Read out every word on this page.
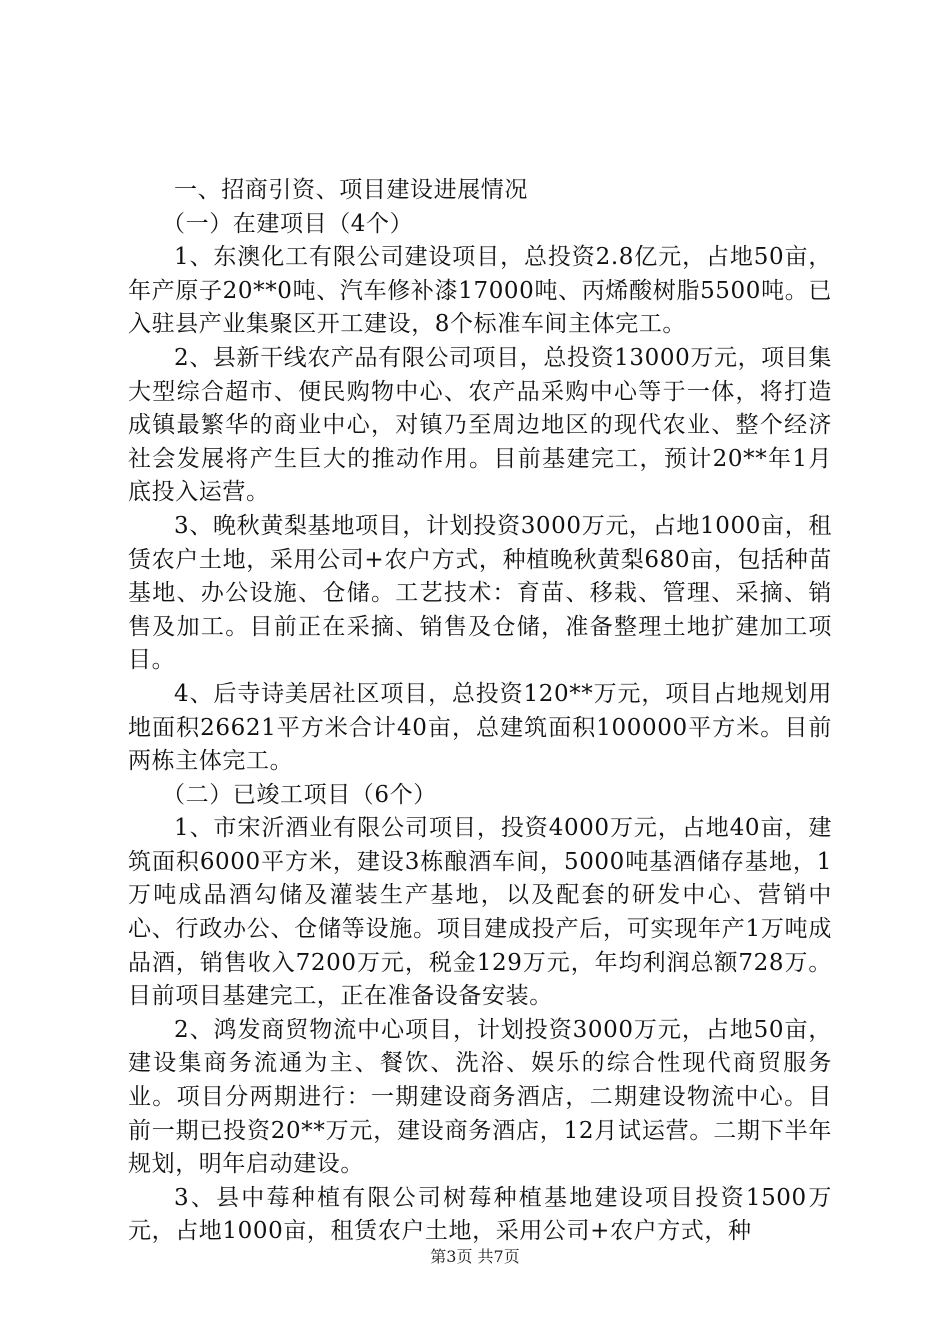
一、招商引资、项目建设进展情况

（一）在建项目（4个）

1、东澳化工有限公司建设项目，总投资2.8亿元，占地50亩，年产原子20**0吨、汽车修补漆17000吨、丙烯酸树脂5500吨。已入驻县产业集聚区开工建设，8个标准车间主体完工。

2、县新干线农产品有限公司项目，总投资13000万元，项目集大型综合超市、便民购物中心、农产品采购中心等于一体，将打造成镇最繁华的商业中心，对镇乃至周边地区的现代农业、整个经济社会发展将产生巨大的推动作用。目前基建完工，预计20**年1月底投入运营。

3、晚秋黄梨基地项目，计划投资3000万元，占地1000亩，租赁农户土地，采用公司+农户方式，种植晚秋黄梨680亩，包括种苗基地、办公设施、仓储。工艺技术：育苗、移栽、管理、采摘、销售及加工。目前正在采摘、销售及仓储，准备整理土地扩建加工项目。

4、后寺诗美居社区项目，总投资120**万元，项目占地规划用地面积26621平方米合计40亩，总建筑面积100000平方米。目前两栋主体完工。

（二）已竣工项目（6个）

1、市宋沂酒业有限公司项目，投资4000万元，占地40亩，建筑面积6000平方米，建设3栋酿酒车间，5000吨基酒储存基地，1万吨成品酒勾储及灌装生产基地，以及配套的研发中心、营销中心、行政办公、仓储等设施。项目建成投产后，可实现年产1万吨成品酒，销售收入7200万元，税金129万元，年均利润总额728万。目前项目基建完工，正在准备设备安装。

2、鸿发商贸物流中心项目，计划投资3000万元，占地50亩，建设集商务流通为主、餐饮、洗浴、娱乐的综合性现代商贸服务业。项目分两期进行：一期建设商务酒店，二期建设物流中心。目前一期已投资20**万元，建设商务酒店，12月试运营。二期下半年规划，明年启动建设。

3、县中莓种植有限公司树莓种植基地建设项目投资1500万元，占地1000亩，租赁农户土地，采用公司+农户方式，种

第3页 共7页
